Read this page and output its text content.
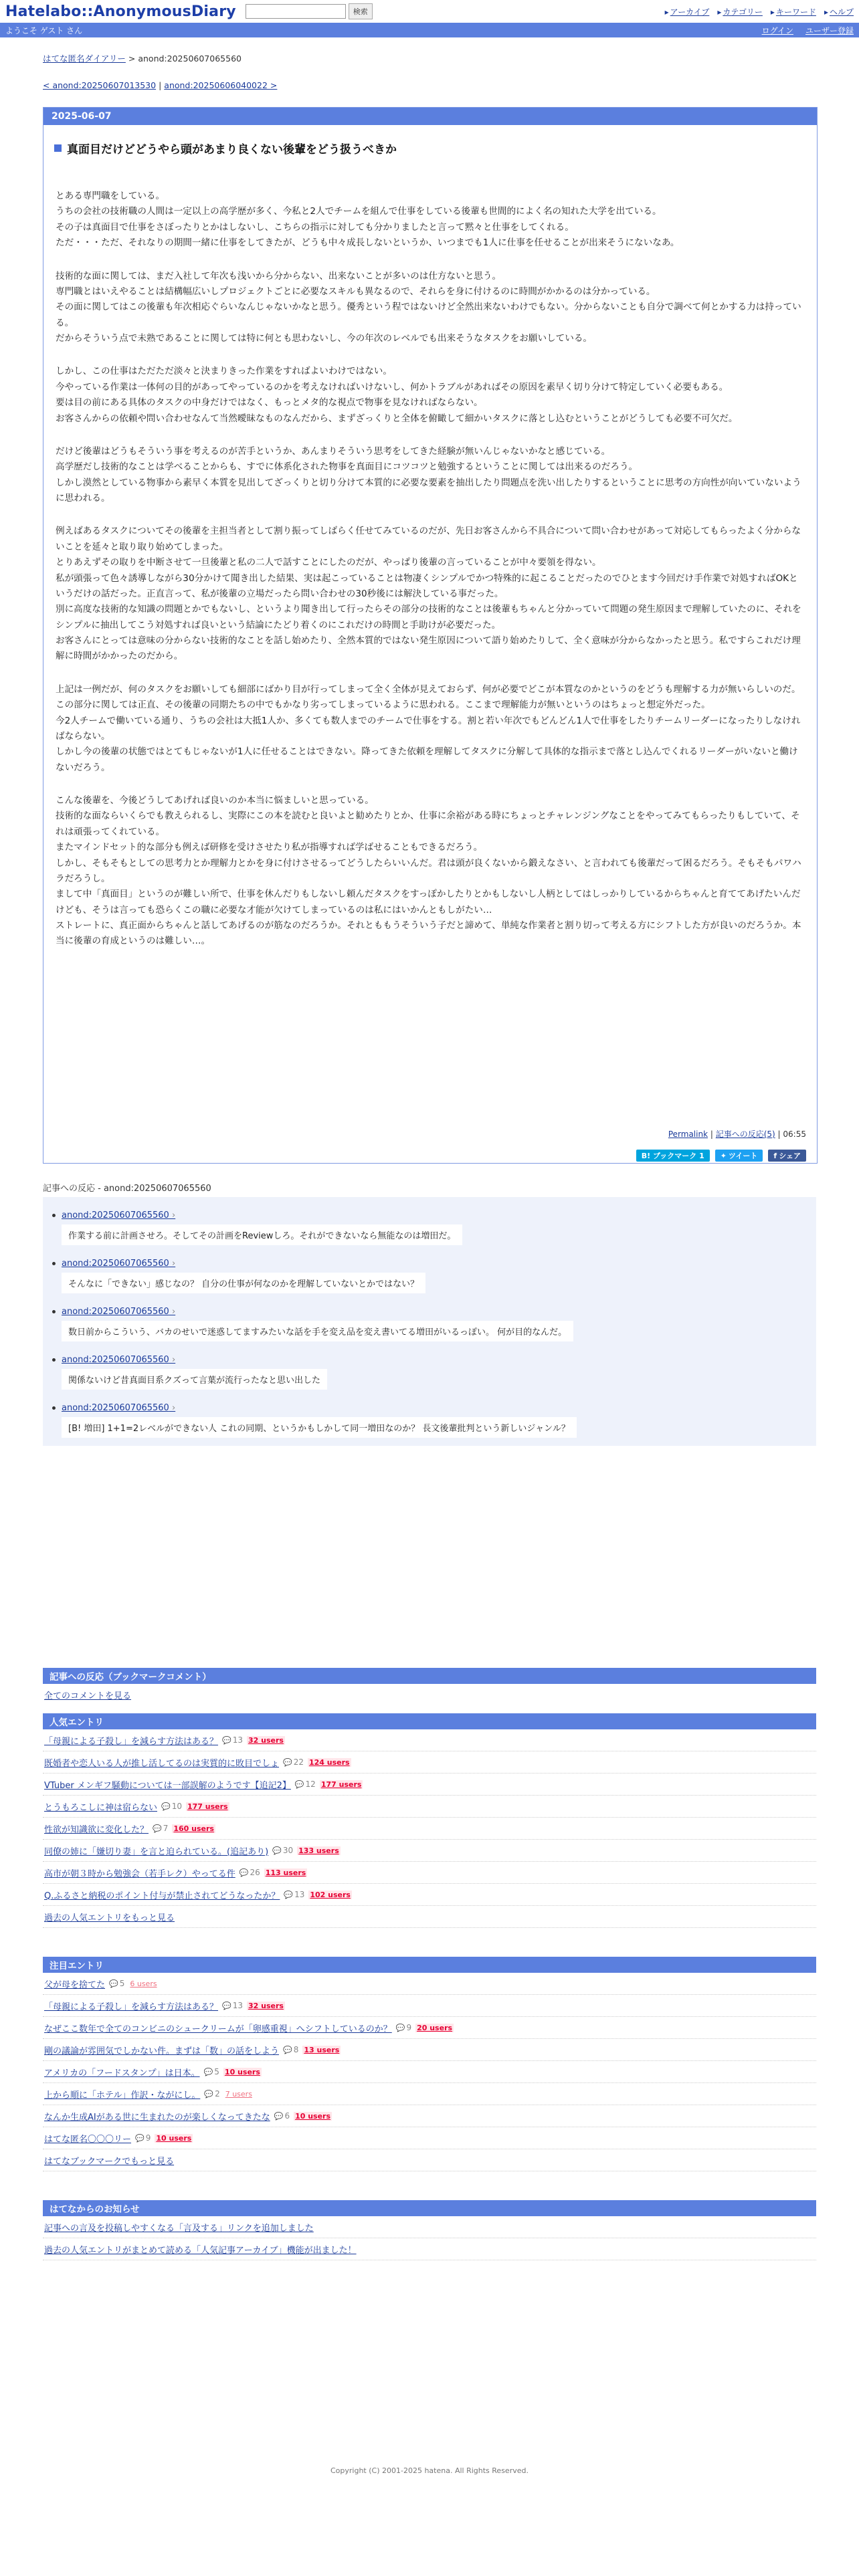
Hatelabo::AnonymousDiary	検索	▸ アーカイブ	▸ カテゴリー	▸ キーワード	▸ ヘルプ
ようこそ ゲスト さん	ログイン ユーザー登録
はてな匿名ダイアリー > anond:20250607065560
< anond:20250607013530 | anond:20250606040022 >
2025-06-07
真面目だけどどうやら頭があまり良くない後輩をどう扱うべきか

とある専門職をしている。

うちの会社の技術職の人間は一定以上の高学歴が多く、今私と2人でチームを組んで仕事をしている後輩も世間的によく名の知れた大学を出ている。

その子は真面目で仕事をさぼったりとかはしないし、こちらの指示に対しても分かりましたと言って黙々と仕事をしてくれる。

ただ・・・ただ、それなりの期間一緒に仕事をしてきたが、どうも中々成長しないというか、いつまでも1人に仕事を任せることが出来そうにないなあ。

技術的な面に関しては、まだ入社して年次も浅いから分からない、出来ないことが多いのは仕方ないと思う。

専門職とはいえやることは結構幅広いしプロジェクトごとに必要なスキルも異なるので、それらを身に付けるのに時間がかかるのは分かっている。

その面に関してはこの後輩も年次相応ぐらいなんじゃないかなと思う。優秀という程ではないけど全然出来ないわけでもない。分からないことも自分で調べて何とかする力は持っている。

だからそういう点で未熟であることに関しては特に何とも思わないし、今の年次のレベルでも出来そうなタスクをお願いしている。

しかし、この仕事はただただ淡々と決まりきった作業をすればよいわけではない。

今やっている作業は一体何の目的があってやっているのかを考えなければいけないし、何かトラブルがあればその原因を素早く切り分けて特定していく必要もある。

要は目の前にある具体のタスクの中身だけではなく、もっとメタ的な視点で物事を見なければならない。

お客さんからの依頼や問い合わせなんて当然曖昧なものなんだから、まずざっくりと全体を俯瞰して細かいタスクに落とし込むということがどうしても必要不可欠だ。

だけど後輩はどうもそういう事を考えるのが苦手というか、あんまりそういう思考をしてきた経験が無いんじゃないかなと感じている。

高学歴だし技術的なことは学べることからも、すでに体系化された物事を真面目にコツコツと勉強するということに関しては出来るのだろう。

しかし漠然としている物事から素早く本質を見出してざっくりと切り分けて本質的に必要な要素を抽出したり問題点を洗い出したりするということに思考の方向性が向いていないように思われる。

例えばあるタスクについてその後輩を主担当者として割り振ってしばらく任せてみているのだが、先日お客さんから不具合について問い合わせがあって対応してもらったよく分からないことを延々と取り取り始めてしまった。

とりあえずその取りを中断させて一旦後輩と私の二人で話すことにしたのだが、やっぱり後輩の言っていることが中々要領を得ない。

私が頭張って色々誘導しながら30分かけて聞き出した結果、実は起こっていることは物凄くシンプルでかつ特殊的に起こることだったのでひとます今回だけ手作業で対処すればOKというだけの話だった。正直言って、私が後輩の立場だったら問い合わせの30秒後には解決している事だった。

別に高度な技術的な知識の問題とかでもないし、というより聞き出して行ったらその部分の技術的なことは後輩もちゃんと分かっていて問題の発生原因まで理解していたのに、それをシンプルに抽出してこう対処すれば良いという結論にたどり着くのにこれだけの時間と手助けが必要だった。

お客さんにとっては意味の分からない技術的なことを話し始めたり、全然本質的ではない発生原因について語り始めたりして、全く意味が分からなかったと思う。私ですらこれだけ理解に時間がかかったのだから。

上記は一例だが、何のタスクをお願いしても細部にばかり目が行ってしまって全く全体が見えておらず、何が必要でどこが本質なのかというのをどうも理解する力が無いらしいのだ。

この部分に関しては正直、その後輩の同期たちの中でもかなり劣ってしまっているように思われる。ここまで理解能力が無いというのはちょっと想定外だった。

今2人チームで働いている通り、うちの会社は大抵1人か、多くても数人までのチームで仕事をする。割と若い年次でもどんどん1人で仕事をしたりチームリーダーになったりしなければならない。

しかし今の後輩の状態ではとてもじゃないが1人に任せることはできない。降ってきた依頼を理解してタスクに分解して具体的な指示まで落とし込んでくれるリーダーがいないと働けないだろう。

こんな後輩を、今後どうしてあげれば良いのか本当に悩ましいと思っている。

技術的な面ならいくらでも教えられるし、実際にこの本を読むと良いよと勧めたりとか、仕事に余裕がある時にちょっとチャレンジングなことをやってみてもらったりもしていて、それは頑張ってくれている。

またマインドセット的な部分も例えば研修を受けさせたり私が指導すれば学ばせることもできるだろう。

しかし、そもそもとしての思考力とか理解力とかを身に付けさせるってどうしたらいいんだ。君は頭が良くないから鍛えなさい、と言われても後輩だって困るだろう。そもそもパワハラだろうし。

まして中「真面目」というのが難しい所で、仕事を休んだりもしないし頼んだタスクをすっぽかしたりとかもしないし人柄としてはしっかりしているからちゃんと育ててあげたいんだけども、そうは言っても恐らくこの職に必要な才能が欠けてしまっているのは私にはいかんともしがたい…

ストレートに、真正面からちゃんと話してあげるのが筋なのだろうか。それとももうそういう子だと諦めて、単純な作業者と割り切って考える方にシフトした方が良いのだろうか。本当に後輩の育成というのは難しい…。

Permalink | 記事への反応(5) | 06:55
B! ブックマーク 1	✦ ツイート f シェア
記事への反応 - anond:20250607065560
anond:20250607065560 ›
作業する前に計画させろ。そしてその計画をReviewしろ。それができないなら無能なのは増田だ。
anond:20250607065560 ›
そんなに「できない」感じなの？ 自分の仕事が何なのかを理解していないとかではない？
anond:20250607065560 ›
数日前からこういう、バカのせいで迷惑してますみたいな話を手を変え品を変え書いてる増田がいるっぽい。 何が目的なんだ。
anond:20250607065560 ›
関係ないけど昔真面目系クズって言葉が流行ったなと思い出した
anond:20250607065560 ›
[B! 増田] 1+1=2レベルができない人 これの同期、というかもしかして同一増田なのか？ 長文後輩批判という新しいジャンル？
記事への反応（ブックマークコメント）
全てのコメントを見る
人気エントリ
「母親による子殺し」を減らす方法はある？	💬 13 32 users
既婚者や恋人いる人が推し活してるのは実質的に敗目でしょ	💬 22 124 users
VTuber メンギフ騒動については一部誤解のようです【追記2】	💬 12 177 users
とうもろこしに神は宿らない	💬 10 177 users
性欲が知識欲に変化した？	💬 7 160 users
同僚の姉に「嫌切り妻」を言と迫られている。(追記あり)	💬 30 133 users
高市が朝３時から勉強会（若手レク）やってる件	💬 26 113 users
Q.ふるさと納税のポイント付与が禁止されてどうなったか？	💬 13 102 users
過去の人気エントリをもっと見る
注目エントリ
父が母を捨てた	💬 5 6 users
「母親による子殺し」を減らす方法はある？	💬 13 32 users
なぜここ数年で全てのコンビニのシュークリームが「卵感重視」へシフトしているのか？	💬 9 20 users
剛の議論が雰囲気でしかない件。まずは「数」の話をしよう	💬 8 13 users
アメリカの「フードスタンプ」は日本。	💬 5 10 users
上から順に「ホテル」作訳・ながにし。	💬 2 7 users
なんか生成AIがある世に生まれたのが楽しくなってきたな	💬 6 10 users
はてな匿名〇〇〇リー	💬 9 10 users
はてなブックマークでもっと見る
はてなからのお知らせ
記事への言及を投稿しやすくなる「言及する」リンクを追加しました
過去の人気エントリがまとめて読める「人気記事アーカイブ」機能が出ました！
Copyright (C) 2001-2025 hatena. All Rights Reserved.
